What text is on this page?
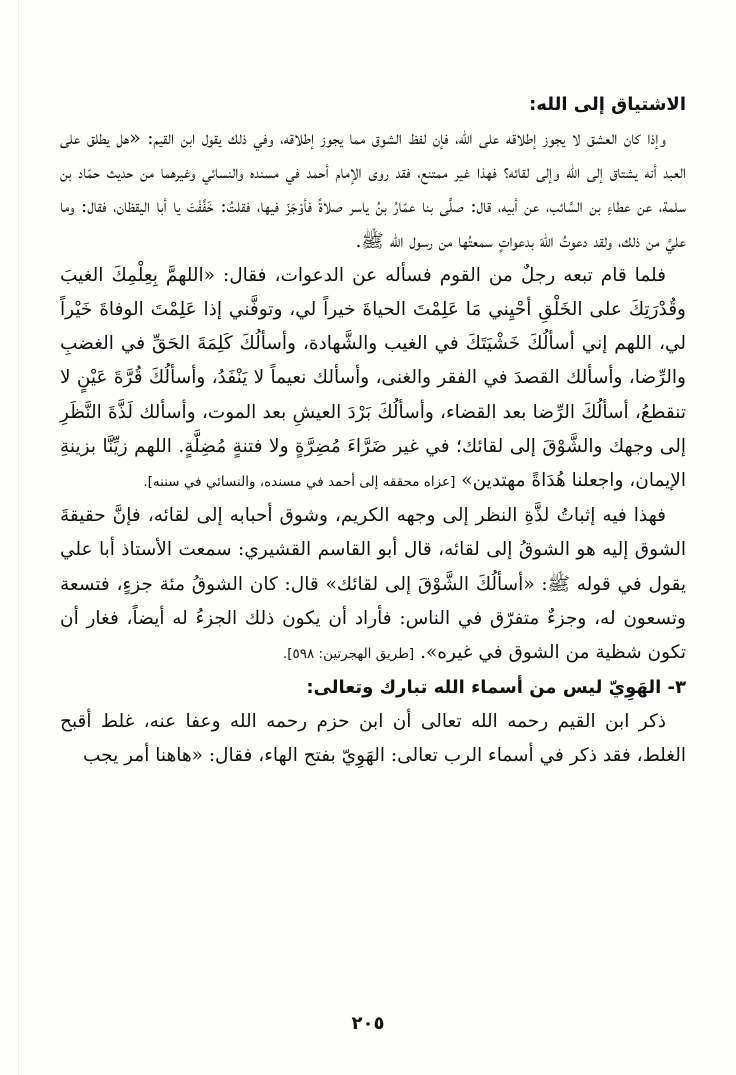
الاشتياق إلى الله:

وإذا كان العشق لا يجوز إطلاقه على الله، فإن لفظ الشوق مما يجوز إطلاقه، وفي ذلك يقول ابن القيم: «هل يطلق على العبد أنه يشتاق إلى الله وإلى لقائه؟ فهذا غير ممتنع، فقد روى الإمام أحمد في مسنده والنسائي وغيرهما من حديث حمّاد بن سلمة، عن عطاءِ بن السَّائب، عن أبيه، قال: صلَّى بنا عمّارُ بنُ ياسر صلاةً فأوْجَزَ فيها، فقلتُ: خَفَّفْتَ يا أبا اليقظان، فقال: وما عليَّ من ذلك، ولقد دعوتُ اللهَ بدعواتٍ سمعتُها من رسول الله ﷺ.

فلما قام تبعه رجلٌ من القوم فسأله عن الدعوات، فقال: «اللهمَّ بِعِلْمِكَ الغيبَ وقُدْرَتِكَ على الخَلْقِ أحْيِني مَا عَلِمْتَ الحياةَ خيراً لي، وتوفَّني إذا عَلِمْتَ الوفاةَ خَيْراً لي، اللهم إني أسألُكَ خَشْيَتَكَ في الغيب والشَّهادة، وأسألُكَ كَلِمَةَ الحَقِّ في الغضبِ والرِّضا، وأسألك القصدَ في الفقر والغنى، وأسألك نعيماً لا يَنْفَدُ، وأسألُكَ قُرَّةَ عَيْنٍ لا تنقطعُ، أسألُكَ الرِّضا بعد القضاء، وأسألُكَ بَرْدَ العيشِ بعد الموت، وأسألك لَذَّةَ النَّظَرِ إلى وجهك والشَّوْقَ إلى لقائك؛ في غير ضَرَّاءَ مُضِرَّةٍ ولا فتنةٍ مُضِلَّةٍ. اللهم زيِّنَّا بزينةِ الإيمان، واجعلنا هُدَاةً مهتدين» [عزاه محققه إلى أحمد في مسنده، والنسائي في سننه].

فهذا فيه إثباتُ لذَّةِ النظر إلى وجهه الكريم، وشوق أحبابه إلى لقائه، فإنَّ حقيقةَ الشوق إليه هو الشوقُ إلى لقائه، قال أبو القاسم القشيري: سمعت الأستاذ أبا علي يقول في قوله ﷺ: «أسألُكَ الشَّوْقَ إلى لقائك» قال: كان الشوقُ مئة جزءٍ، فتسعة وتسعون له، وجزءٌ متفرّق في الناس: فأراد أن يكون ذلك الجزءُ له أيضاً، فغار أن تكون شظية من الشوق في غيره». [طريق الهجرتين: ٥٩٨].

٣- الهَوِيّ ليس من أسماء الله تبارك وتعالى:

ذكر ابن القيم رحمه الله تعالى أن ابن حزم رحمه الله وعفا عنه، غلط أقبح الغلط، فقد ذكر في أسماء الرب تعالى: الهَوِيّ بفتح الهاء، فقال: «هاهنا أمر يجب

٢٠٥
